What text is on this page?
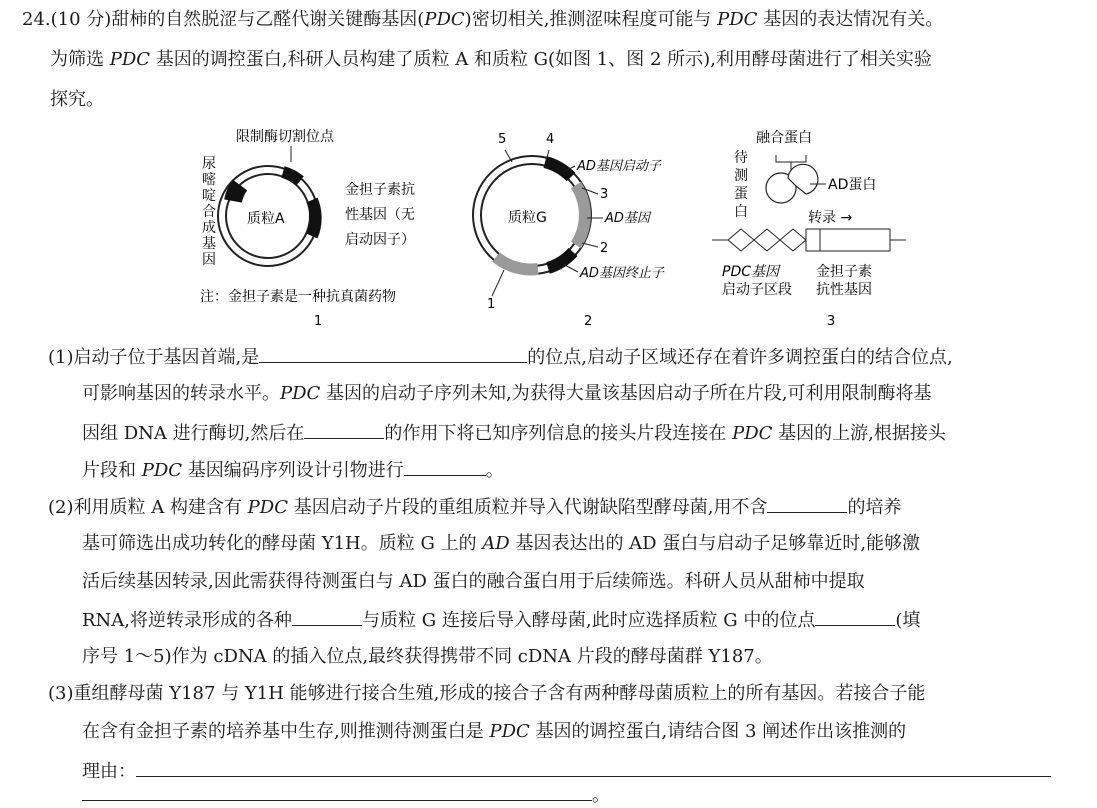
24.(10 分)甜柿的自然脱涩与乙醛代谢关键酶基因(PDC)密切相关,推测涩味程度可能与 PDC 基因的表达情况有关。
为筛选 PDC 基因的调控蛋白,科研人员构建了质粒 A 和质粒 G(如图 1、图 2 所示),利用酵母菌进行了相关实验
探究。
限制酶切割位点
质粒A
尿
嘧
啶
合
成
基
因
金担子素抗
性基因（无
启动因子）
注：金担子素是一种抗真菌药物
1
质粒G
5	4
3
2
1
AD基因启动子
AD基因
AD基因终止子
2
融合蛋白
AD蛋白
待
测
蛋
白	转录 →
PDC基因
启动子区段
金担子素
抗性基因
3
(1)启动子位于基因首端,是	的位点,启动子区域还存在着许多调控蛋白的结合位点,
可影响基因的转录水平。PDC 基因的启动子序列未知,为获得大量该基因启动子所在片段,可利用限制酶将基
因组 DNA 进行酶切,然后在	的作用下将已知序列信息的接头片段连接在 PDC 基因的上游,根据接头
片段和 PDC 基因编码序列设计引物进行	。
(2)利用质粒 A 构建含有 PDC 基因启动子片段的重组质粒并导入代谢缺陷型酵母菌,用不含	的培养
基可筛选出成功转化的酵母菌 Y1H。质粒 G 上的 AD 基因表达出的 AD 蛋白与启动子足够靠近时,能够激
活后续基因转录,因此需获得待测蛋白与 AD 蛋白的融合蛋白用于后续筛选。科研人员从甜柿中提取
RNA,将逆转录形成的各种	与质粒 G 连接后导入酵母菌,此时应选择质粒 G 中的位点	(填
序号 1～5)作为 cDNA 的插入位点,最终获得携带不同 cDNA 片段的酵母菌群 Y187。
(3)重组酵母菌 Y187 与 Y1H 能够进行接合生殖,形成的接合子含有两种酵母菌质粒上的所有基因。若接合子能
在含有金担子素的培养基中生存,则推测待测蛋白是 PDC 基因的调控蛋白,请结合图 3 阐述作出该推测的
理由：
。
